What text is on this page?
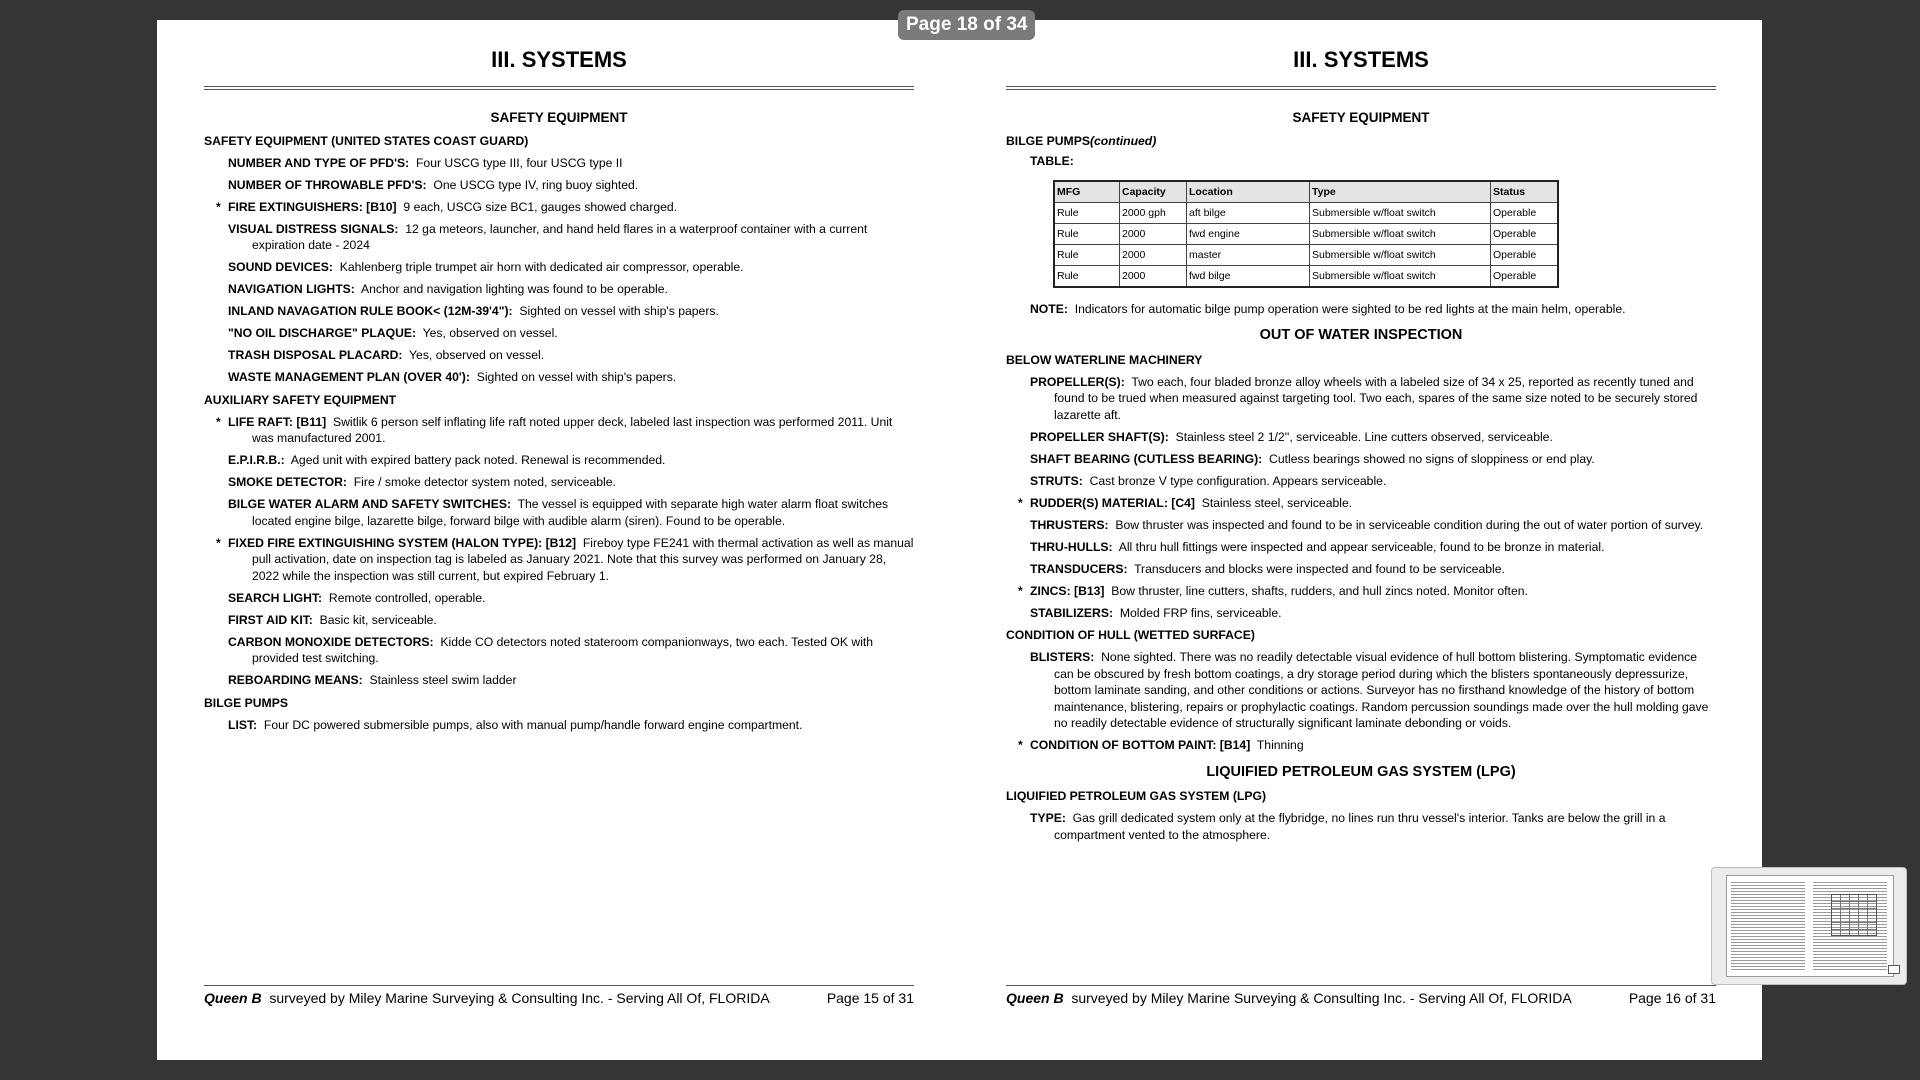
Page 18 of 34
III. SYSTEMS
SAFETY EQUIPMENT
SAFETY EQUIPMENT (UNITED STATES COAST GUARD)
NUMBER AND TYPE OF PFD'S: Four USCG type III, four USCG type II
NUMBER OF THROWABLE PFD'S: One USCG type IV, ring buoy sighted.
* FIRE EXTINGUISHERS: [B10] 9 each, USCG size BC1, gauges showed charged.
VISUAL DISTRESS SIGNALS: 12 ga meteors, launcher, and hand held flares in a waterproof container with a current expiration date - 2024
SOUND DEVICES: Kahlenberg triple trumpet air horn with dedicated air compressor, operable.
NAVIGATION LIGHTS: Anchor and navigation lighting was found to be operable.
INLAND NAVAGATION RULE BOOK< (12M-39'4"): Sighted on vessel with ship's papers.
"NO OIL DISCHARGE" PLAQUE: Yes, observed on vessel.
TRASH DISPOSAL PLACARD: Yes, observed on vessel.
WASTE MANAGEMENT PLAN (OVER 40'): Sighted on vessel with ship's papers.
AUXILIARY SAFETY EQUIPMENT
* LIFE RAFT: [B11] Switlik 6 person self inflating life raft noted upper deck, labeled last inspection was performed 2011. Unit was manufactured 2001.
E.P.I.R.B.: Aged unit with expired battery pack noted. Renewal is recommended.
SMOKE DETECTOR: Fire / smoke detector system noted, serviceable.
BILGE WATER ALARM AND SAFETY SWITCHES: The vessel is equipped with separate high water alarm float switches located engine bilge, lazarette bilge, forward bilge with audible alarm (siren). Found to be operable.
* FIXED FIRE EXTINGUISHING SYSTEM (HALON TYPE): [B12] Fireboy type FE241 with thermal activation as well as manual pull activation, date on inspection tag is labeled as January 2021. Note that this survey was performed on January 28, 2022 while the inspection was still current, but expired February 1.
SEARCH LIGHT: Remote controlled, operable.
FIRST AID KIT: Basic kit, serviceable.
CARBON MONOXIDE DETECTORS: Kidde CO detectors noted stateroom companionways, two each. Tested OK with provided test switching.
REBOARDING MEANS: Stainless steel swim ladder
BILGE PUMPS
LIST: Four DC powered submersible pumps, also with manual pump/handle forward engine compartment.
Queen B surveyed by Miley Marine Surveying & Consulting Inc. - Serving All Of, FLORIDA	Page 15 of 31
III. SYSTEMS
SAFETY EQUIPMENT
BILGE PUMPS(continued)
TABLE:
MFG	Capacity	Location	Type	Status
Rule	2000 gph	aft bilge	Submersible w/float switch	Operable
Rule	2000	fwd engine	Submersible w/float switch	Operable
Rule	2000	master	Submersible w/float switch	Operable
Rule	2000	fwd bilge	Submersible w/float switch	Operable
NOTE: Indicators for automatic bilge pump operation were sighted to be red lights at the main helm, operable.
OUT OF WATER INSPECTION
BELOW WATERLINE MACHINERY
PROPELLER(S): Two each, four bladed bronze alloy wheels with a labeled size of 34 x 25, reported as recently tuned and found to be trued when measured against targeting tool. Two each, spares of the same size noted to be securely stored lazarette aft.
PROPELLER SHAFT(S): Stainless steel 2 1/2'', serviceable. Line cutters observed, serviceable.
SHAFT BEARING (CUTLESS BEARING): Cutless bearings showed no signs of sloppiness or end play.
STRUTS: Cast bronze V type configuration. Appears serviceable.
* RUDDER(S) MATERIAL: [C4] Stainless steel, serviceable.
THRUSTERS: Bow thruster was inspected and found to be in serviceable condition during the out of water portion of survey.
THRU-HULLS: All thru hull fittings were inspected and appear serviceable, found to be bronze in material.
TRANSDUCERS: Transducers and blocks were inspected and found to be serviceable.
* ZINCS: [B13] Bow thruster, line cutters, shafts, rudders, and hull zincs noted. Monitor often.
STABILIZERS: Molded FRP fins, serviceable.
CONDITION OF HULL (WETTED SURFACE)
BLISTERS: None sighted. There was no readily detectable visual evidence of hull bottom blistering. Symptomatic evidence can be obscured by fresh bottom coatings, a dry storage period during which the blisters spontaneously depressurize, bottom laminate sanding, and other conditions or actions. Surveyor has no firsthand knowledge of the history of bottom maintenance, blistering, repairs or prophylactic coatings. Random percussion soundings made over the hull molding gave no readily detectable evidence of structurally significant laminate debonding or voids.
* CONDITION OF BOTTOM PAINT: [B14] Thinning
LIQUIFIED PETROLEUM GAS SYSTEM (LPG)
LIQUIFIED PETROLEUM GAS SYSTEM (LPG)
TYPE: Gas grill dedicated system only at the flybridge, no lines run thru vessel's interior. Tanks are below the grill in a compartment vented to the atmosphere.
Queen B surveyed by Miley Marine Surveying & Consulting Inc. - Serving All Of, FLORIDA	Page 16 of 31
